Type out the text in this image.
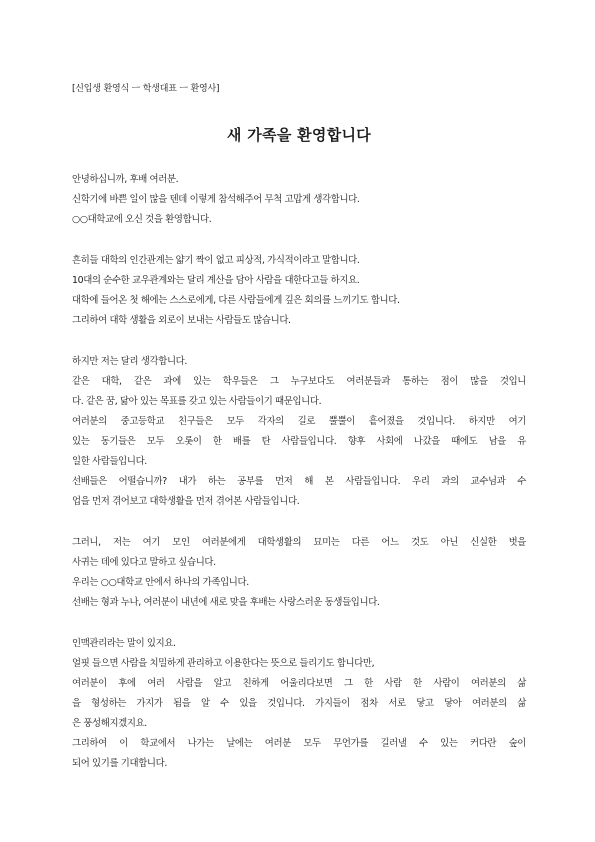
[신입생 환영식 ㅡ 학생대표 ㅡ 환영사]
새 가족을 환영합니다
안녕하십니까, 후배 여러분.
신학기에 바쁜 일이 많을 텐데 이렇게 참석해주어 무척 고맙게 생각합니다.
○○대학교에 오신 것을 환영합니다.
흔히들 대학의 인간관계는 얇기 짝이 없고 피상적, 가식적이라고 말합니다.
10대의 순수한 교우관계와는 달리 계산을 담아 사람을 대한다고들 하지요.
대학에 들어온 첫 해에는 스스로에게, 다른 사람들에게 깊은 회의를 느끼기도 합니다.
그리하여 대학 생활을 외로이 보내는 사람들도 많습니다.
하지만 저는 달리 생각합니다.
같은 대학, 같은 과에 있는 학우들은 그 누구보다도 여러분들과 통하는 점이 많을 것입니
다. 같은 꿈, 닮아 있는 목표를 갖고 있는 사람들이기 때문입니다.
여러분의 중고등학교 친구들은 모두 각자의 길로 뿔뿔이 흩어졌을 것입니다. 하지만 여기
있는 동기들은 모두 오롯이 한 배를 탄 사람들입니다. 향후 사회에 나갔을 때에도 남을 유
일한 사람들입니다.
선배들은 어떨습니까? 내가 하는 공부를 먼저 해 본 사람들입니다. 우리 과의 교수님과 수
업을 먼저 겪어보고 대학생활을 먼저 겪어본 사람들입니다.
그러니, 저는 여기 모인 여러분에게 대학생활의 묘미는 다른 어느 것도 아닌 신실한 벗을
사귀는 데에 있다고 말하고 싶습니다.
우리는 ○○대학교 안에서 하나의 가족입니다.
선배는 형과 누나, 여러분이 내년에 새로 맞을 후배는 사랑스러운 동생들입니다.
인맥관리라는 말이 있지요.
얼핏 들으면 사람을 치밀하게 관리하고 이용한다는 뜻으로 들리기도 합니다만,
여러분이 후에 여러 사람을 알고 친하게 어울리다보면 그 한 사람 한 사람이 여러분의 삶
을 형성하는 가지가 됨을 알 수 있을 것입니다. 가지들이 점차 서로 닿고 닿아 여러분의 삶
은 풍성해지겠지요.
그리하여 이 학교에서 나가는 날에는 여러분 모두 무언가를 길러낼 수 있는 커다란 숲이
되어 있기를 기대합니다.
